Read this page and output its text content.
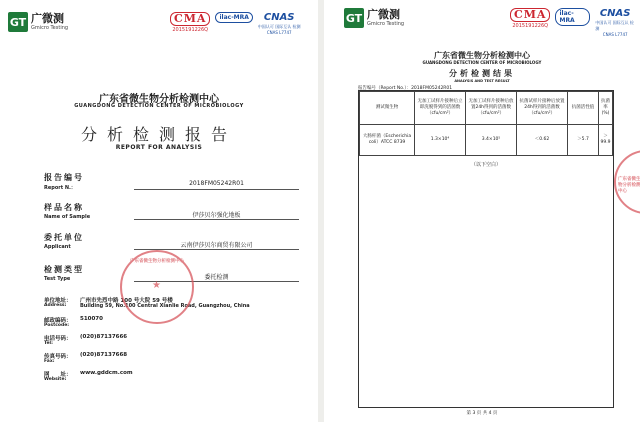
GT 广微测
Gmicro Testing
CMA
2015191226Q
ilac-MRA	CNAS
中国认可 国际互认 检测
CNAS L7747
广东省微生物分析检测中心
GUANGDONG DETECTION CENTER OF MICROBIOLOGY
分析检测报告
REPORT FOR ANALYSIS
报告编号
Report N.：
2018FM05242R01
样品名称
Name of Sample	伊莎贝尔强化地板
委托单位
Applicant	云南伊莎贝尔商贸有限公司
检测类型
Test Type	委托检测
单位地址：
Address:
广州市先烈中路 100 号大院 59 号楼
Building 59, No.100 Central Xianlie Road, Guangzhou, China
邮政编码：
Postcode:
510070
电话号码：
Tel:
(020)87137666
传真号码：
Fax:
(020)87137668
网　　址：
Website:
www.gddcm.com
★
广东省微生物分析检测中心
GT 广微测
Gmicro Testing
CMA
2015191226Q
ilac-MRA
CNAS
中国认可 国际互认 检测
CNAS L7747
广东省微生物分析检测中心
GUANGDONG DETECTION CENTER OF MICROBIOLOGY
分析检测结果
ANALYSIS AND TEST RESULT
报告编号（Report No.）：2018FM05242R01
测试微生物	无加工试样片接种后立即洗脱得到的活菌数（cfu/cm²）	无加工试样片接种后放置24h得到的活菌数（cfu/cm²）	抗菌试样片接种后放置24h得到的活菌数（cfu/cm²）	抗菌活性值	抗菌率(%)
大肠杆菌（Escherichia coli）ATCC 8739	1.3×10⁴	3.4×10⁵	＜0.62	＞5.7	＞99.9
（以下空白）
第 3 页 共 4 页
广东省微生物分析检测中心
